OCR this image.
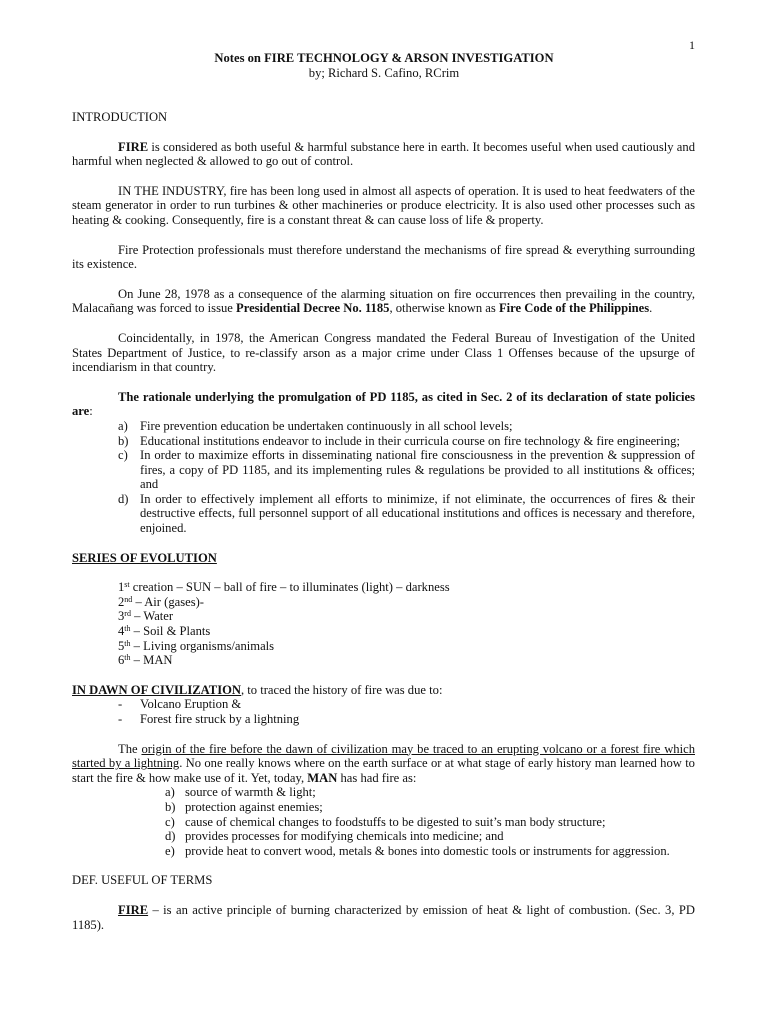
1
Notes on FIRE TECHNOLOGY & ARSON INVESTIGATION
by; Richard S. Cafino, RCrim

INTRODUCTION

FIRE is considered as both useful & harmful substance here in earth. It becomes useful when used cautiously and harmful when neglected & allowed to go out of control.

IN THE INDUSTRY, fire has been long used in almost all aspects of operation. It is used to heat feedwaters of the steam generator in order to run turbines & other machineries or produce electricity. It is also used other processes such as heating & cooking. Consequently, fire is a constant threat & can cause loss of life & property.

Fire Protection professionals must therefore understand the mechanisms of fire spread & everything surrounding its existence.

On June 28, 1978 as a consequence of the alarming situation on fire occurrences then prevailing in the country, Malacañang was forced to issue Presidential Decree No. 1185, otherwise known as Fire Code of the Philippines.

Coincidentally, in 1978, the American Congress mandated the Federal Bureau of Investigation of the United States Department of Justice, to re-classify arson as a major crime under Class 1 Offenses because of the upsurge of incendiarism in that country.

The rationale underlying the promulgation of PD 1185, as cited in Sec. 2 of its declaration of state policies are:

a) Fire prevention education be undertaken continuously in all school levels;
b) Educational institutions endeavor to include in their curricula course on fire technology & fire engineering;
c) In order to maximize efforts in disseminating national fire consciousness in the prevention & suppression of fires, a copy of PD 1185, and its implementing rules & regulations be provided to all institutions & offices; and
d) In order to effectively implement all efforts to minimize, if not eliminate, the occurrences of fires & their destructive effects, full personnel support of all educational institutions and offices is necessary and therefore, enjoined.

SERIES OF EVOLUTION

1st creation – SUN – ball of fire – to illuminates (light) – darkness
2nd – Air (gases)-
3rd – Water
4th – Soil & Plants
5th – Living organisms/animals
6th – MAN

IN DAWN OF CIVILIZATION, to traced the history of fire was due to:

- Volcano Eruption &
- Forest fire struck by a lightning

The origin of the fire before the dawn of civilization may be traced to an erupting volcano or a forest fire which started by a lightning. No one really knows where on the earth surface or at what stage of early history man learned how to start the fire & how make use of it. Yet, today, MAN has had fire as:

a) source of warmth & light;
b) protection against enemies;
c) cause of chemical changes to foodstuffs to be digested to suit’s man body structure;
d) provides processes for modifying chemicals into medicine; and
e) provide heat to convert wood, metals & bones into domestic tools or instruments for aggression.

DEF. USEFUL OF TERMS

FIRE – is an active principle of burning characterized by emission of heat & light of combustion. (Sec. 3, PD 1185).
